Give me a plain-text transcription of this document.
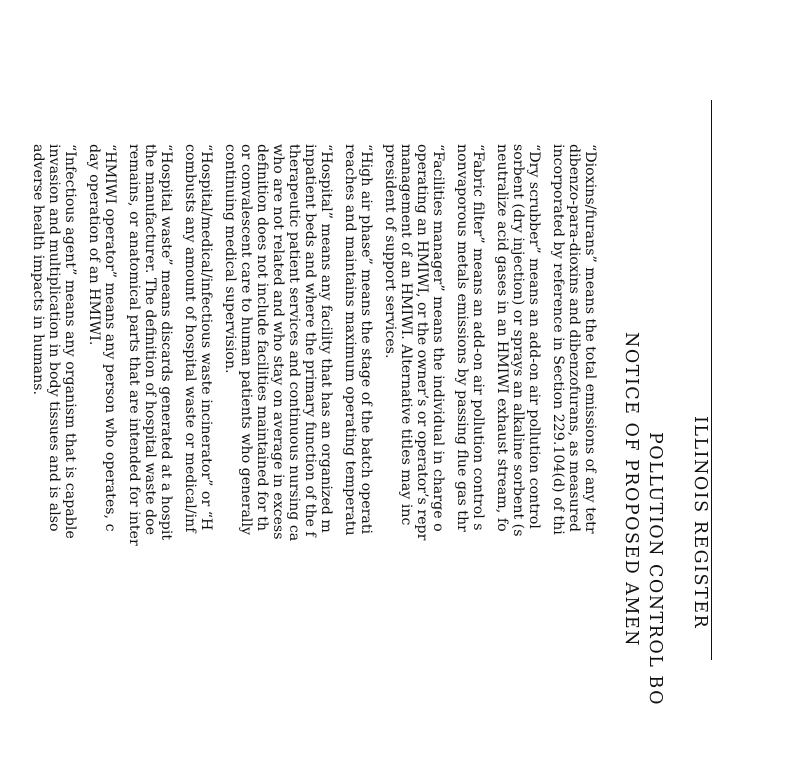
ILLINOIS REGISTER
POLLUTION CONTROL BO
NOTICE OF PROPOSED AMEN
“Dioxins/furans” means the total emissions of any tetr
dibenzo-para-dioxins and dibenzofurans, as measured
incorporated by reference in Section 229.104(d) of thi
“Dry scrubber” means an add-on air pollution control
sorbent (dry injection) or sprays an alkaline sorbent (s
neutralize acid gases in an HMIWI exhaust stream, fo
“Fabric filter” means an add-on air pollution control s
nonvaporous metals emissions by passing flue gas thr
“Facilities manager” means the individual in charge o
operating an HMIWI, or the owner’s or operator’s repr
management of an HMIWI. Alternative titles may inc
president of support services.
“High air phase” means the stage of the batch operati
reaches and maintains maximum operating temperatu
“Hospital” means any facility that has an organized m
inpatient beds and where the primary function of the f
therapeutic patient services and continuous nursing ca
who are not related and who stay on average in excess
definition does not include facilities maintained for th
or convalescent care to human patients who generally
continuing medical supervision.
“Hospital/medical/infectious waste incinerator” or “H
combusts any amount of hospital waste or medical/inf
“Hospital waste” means discards generated at a hospit
the manufacturer. The definition of hospital waste doe
remains, or anatomical parts that are intended for inter
“HMIWI operator” means any person who operates, c
day operation of an HMIWI.
“Infectious agent” means any organism that is capable
invasion and multiplication in body tissues and is also
adverse health impacts in humans.
